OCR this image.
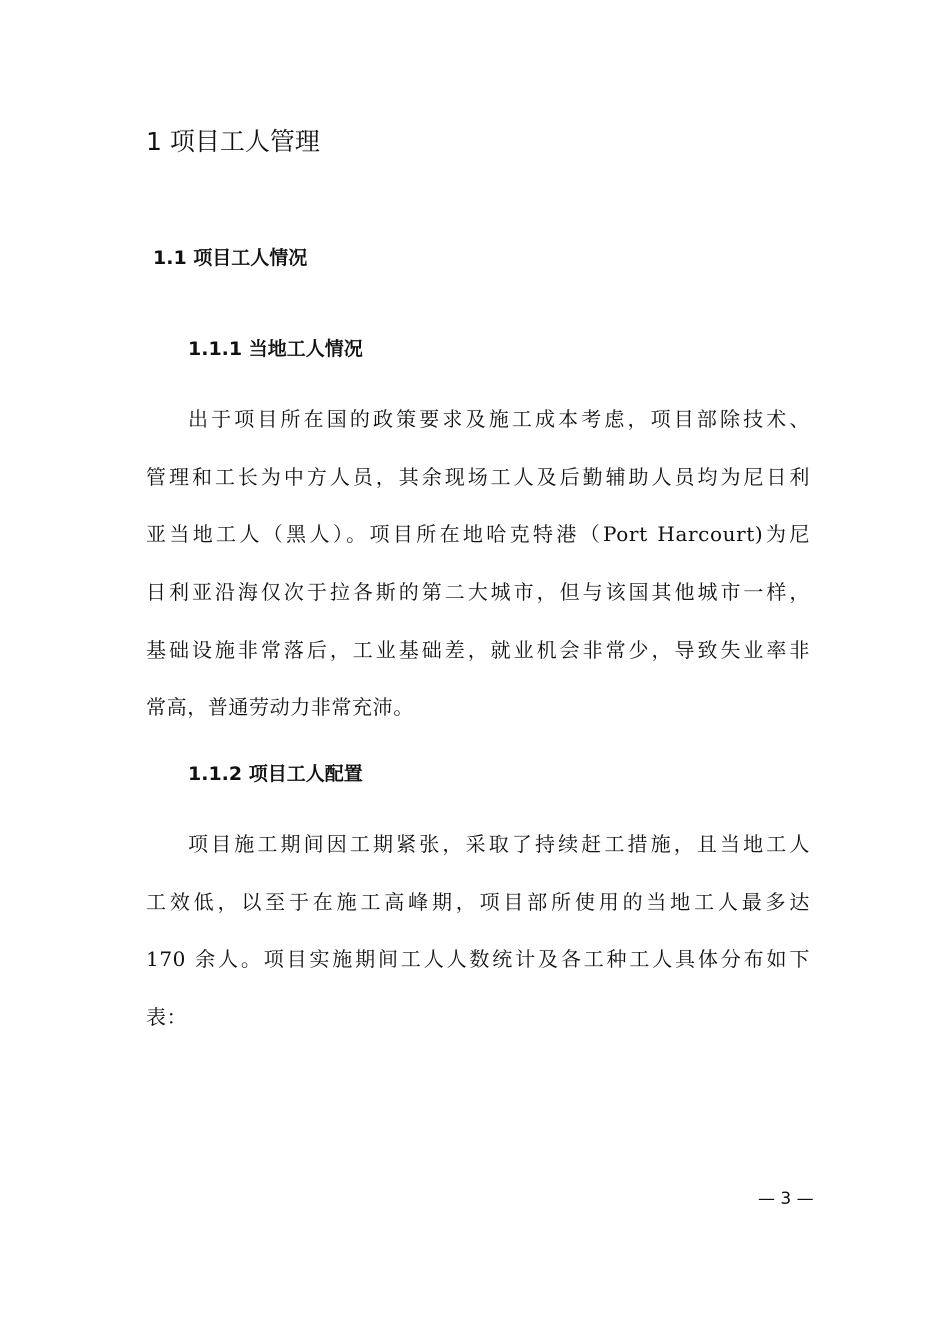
1 项目工人管理
1.1 项目工人情况
1.1.1 当地工人情况
出于项目所在国的政策要求及施工成本考虑，项目部除技术、
管理和工长为中方人员，其余现场工人及后勤辅助人员均为尼日利
亚当地工人（黑人）。项目所在地哈克特港（Port Harcourt)为尼
日利亚沿海仅次于拉各斯的第二大城市，但与该国其他城市一样，
基础设施非常落后，工业基础差，就业机会非常少，导致失业率非
常高，普通劳动力非常充沛。
1.1.2 项目工人配置
项目施工期间因工期紧张，采取了持续赶工措施，且当地工人
工效低，以至于在施工高峰期，项目部所使用的当地工人最多达
170 余人。项目实施期间工人人数统计及各工种工人具体分布如下
表：
— 3 —
